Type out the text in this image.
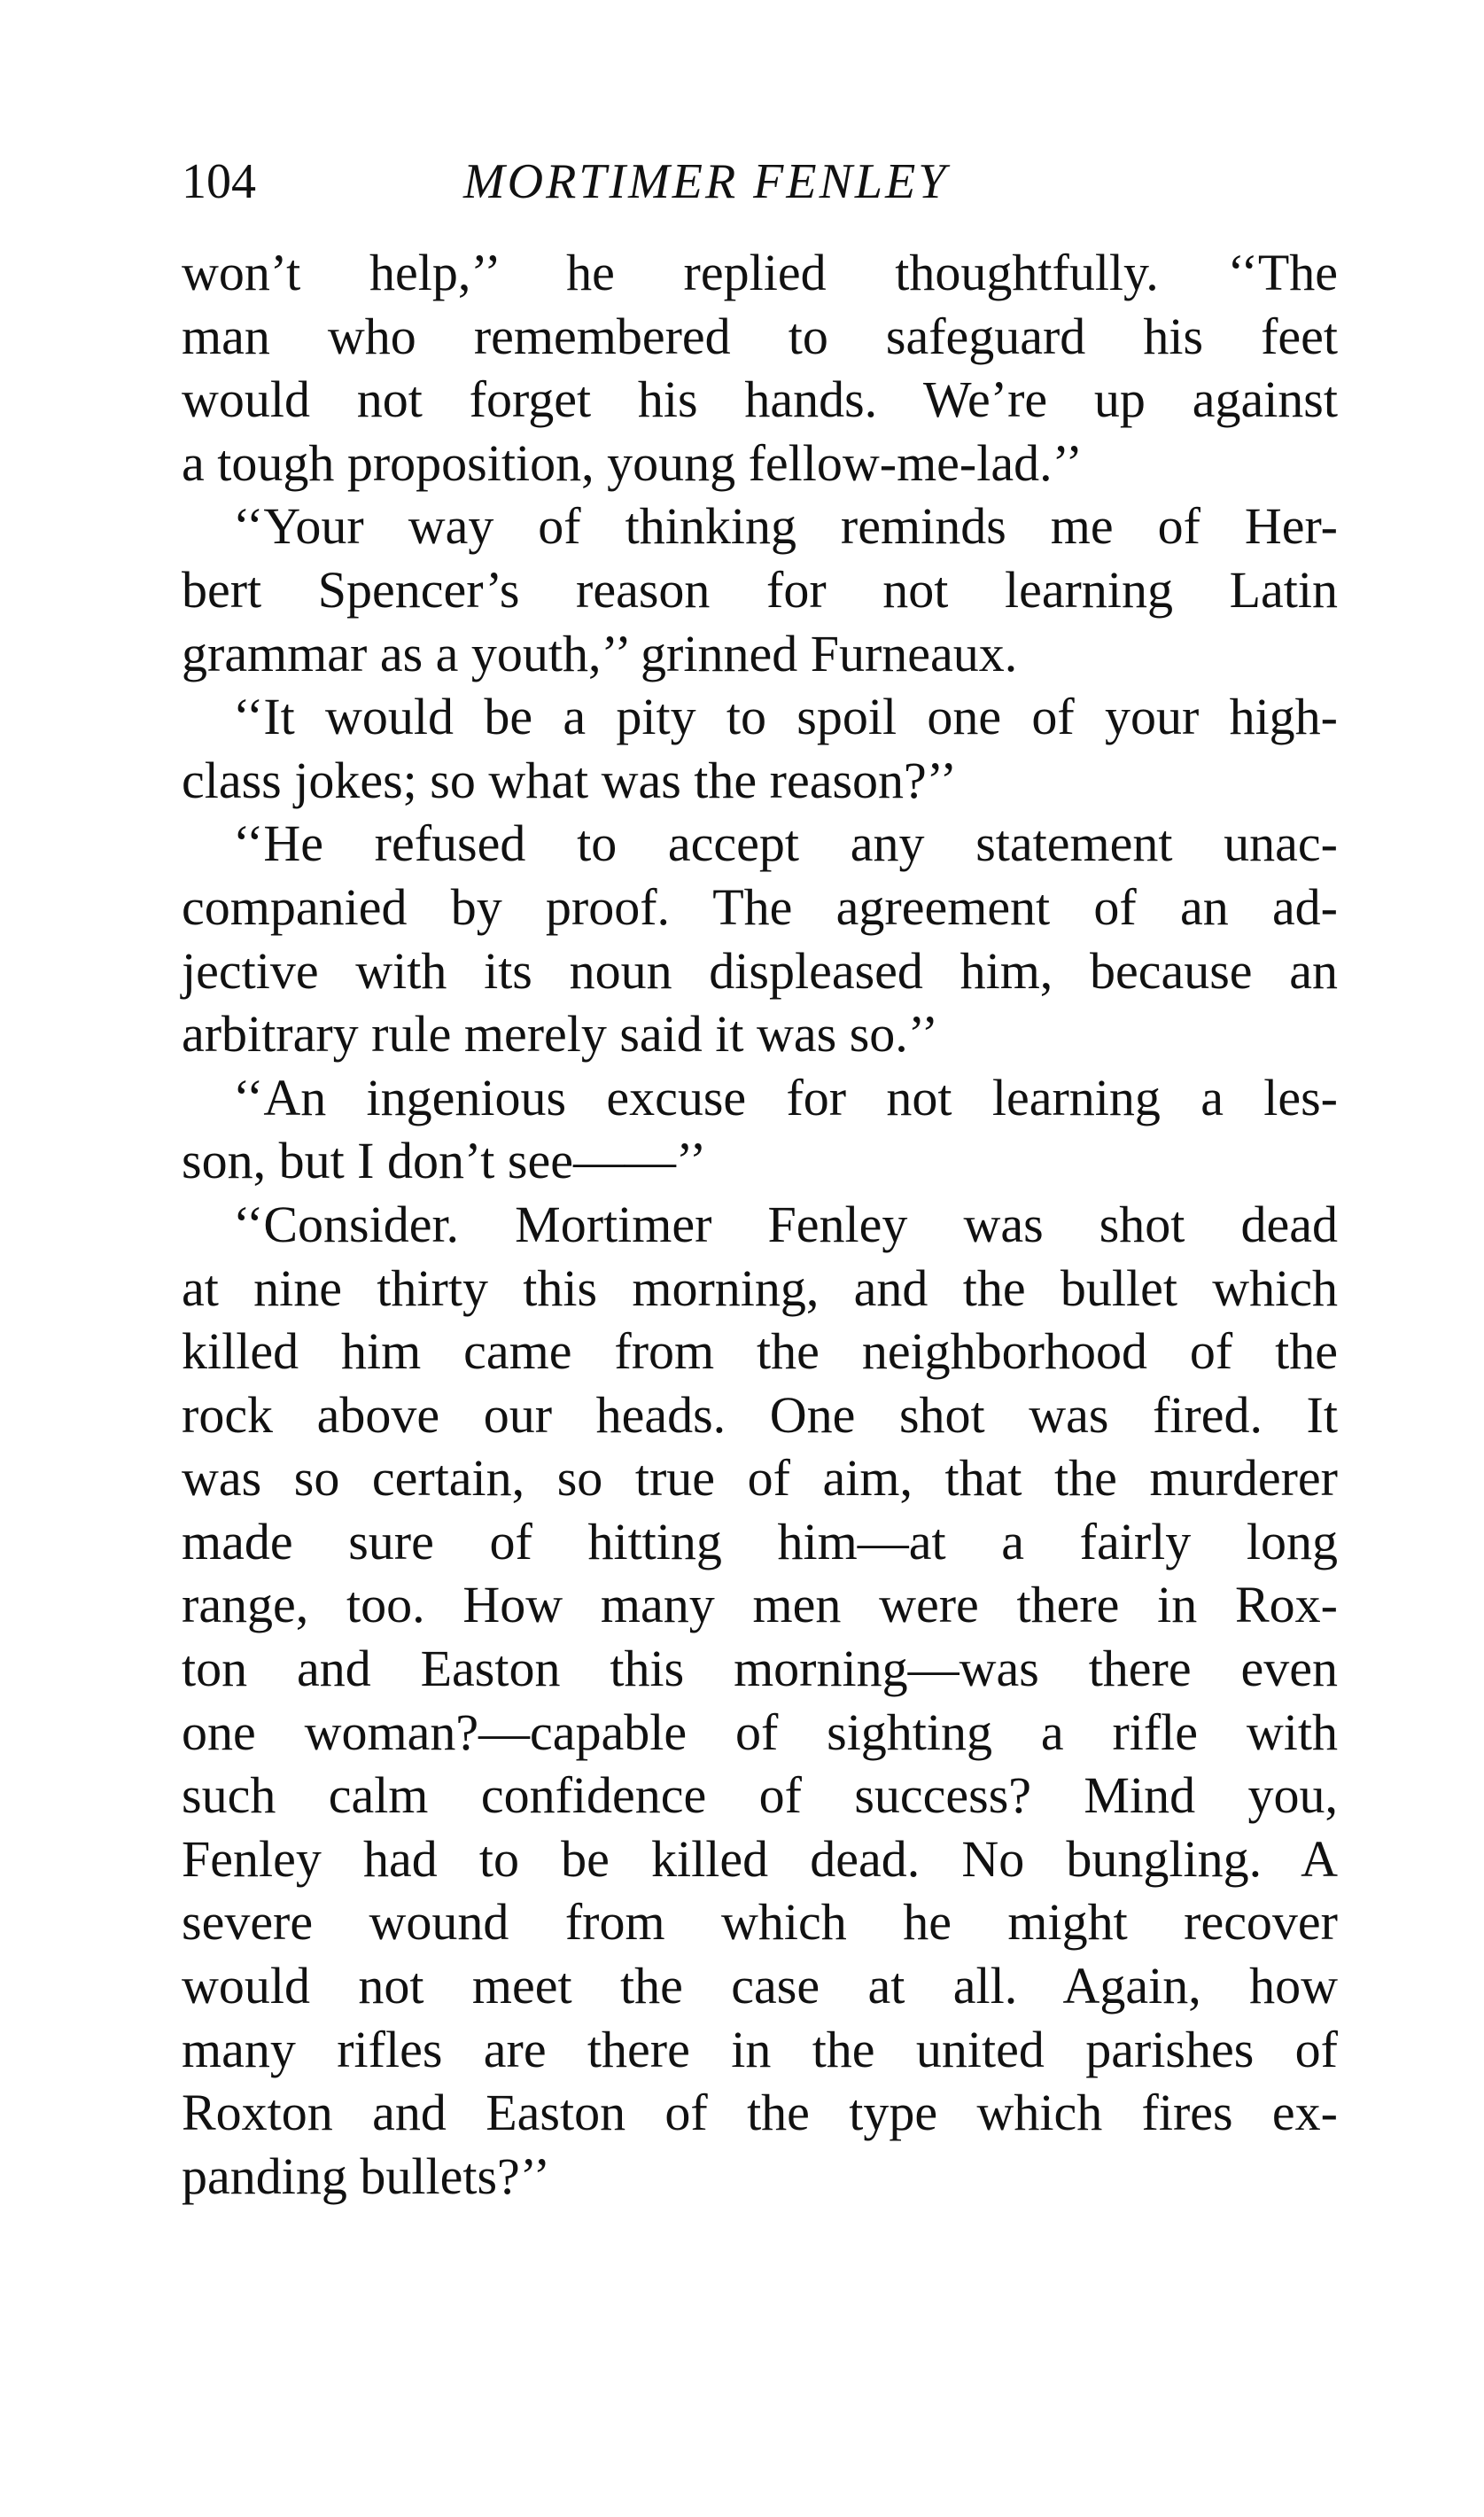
104	MORTIMER FENLEY
won’t help,’’ he replied thoughtfully. ‘‘The
man who remembered to safeguard his feet
would not forget his hands. We’re up against
a tough proposition, young fellow-me-lad.’’
‘‘Your way of thinking reminds me of Her-
bert Spencer’s reason for not learning Latin
grammar as a youth,’’ grinned Furneaux.
‘‘It would be a pity to spoil one of your high-
class jokes; so what was the reason?’’
‘‘He refused to accept any statement unac-
companied by proof. The agreement of an ad-
jective with its noun displeased him, because an
arbitrary rule merely said it was so.’’
‘‘An ingenious excuse for not learning a les-
son, but I don’t see——’’
‘‘Consider. Mortimer Fenley was shot dead
at nine thirty this morning, and the bullet which
killed him came from the neighborhood of the
rock above our heads. One shot was fired. It
was so certain, so true of aim, that the murderer
made sure of hitting him—at a fairly long
range, too. How many men were there in Rox-
ton and Easton this morning—was there even
one woman?—capable of sighting a rifle with
such calm confidence of success? Mind you,
Fenley had to be killed dead. No bungling. A
severe wound from which he might recover
would not meet the case at all. Again, how
many rifles are there in the united parishes of
Roxton and Easton of the type which fires ex-
panding bullets?’’
